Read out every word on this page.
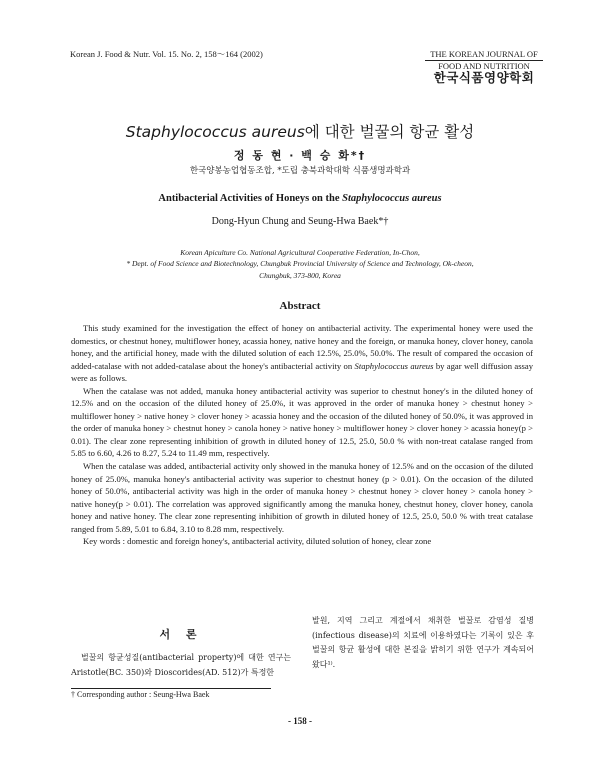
Korean J. Food & Nutr. Vol. 15. No. 2, 158～164 (2002)	THE KOREAN JOURNAL OF
FOOD AND NUTRITION
한국식품영양학회
Staphylococcus aureus에 대한 벌꿀의 항균 활성
정 동 현 · 백 승 화*†
한국양봉농업협동조합, *도립 충북과학대학 식품생명과학과
Antibacterial Activities of Honeys on the Staphylococcus aureus
Dong-Hyun Chung and Seung-Hwa Baek*†

Korean Apiculture Co. National Agricultural Cooperative Federation, In-Chon,

* Dept. of Food Science and Biotechnology, Chungbuk Provincial University of Science and Technology, Ok-cheon,

Chungbuk, 373-800, Korea

Abstract

This study examined for the investigation the effect of honey on antibacterial activity. The experimental honey were used the domestics, or chestnut honey, multiflower honey, acassia honey, native honey and the foreign, or manuka honey, clover honey, canola honey, and the artificial honey, made with the diluted solution of each 12.5%, 25.0%, 50.0%. The result of compared the occasion of added-catalase with not added-catalase about the honey's antibacterial activity on Staphylococcus aureus by agar well diffusion assay were as follows.

When the catalase was not added, manuka honey antibacterial activity was superior to chestnut honey's in the diluted honey of 12.5% and on the occasion of the diluted honey of 25.0%, it was approved in the order of manuka honey > chestnut honey > multiflower honey > native honey > clover honey > acassia honey and the occasion of the diluted honey of 50.0%, it was approved in the order of manuka honey > chestnut honey > canola honey > native honey > multiflower honey > clover honey > acassia honey(p > 0.01). The clear zone representing inhibition of growth in diluted honey of 12.5, 25.0, 50.0 % with non-treat catalase ranged from 5.85 to 6.60, 4.26 to 8.27, 5.24 to 11.49 mm, respectively.

When the catalase was added, antibacterial activity only showed in the manuka honey of 12.5% and on the occasion of the diluted honey of 25.0%, manuka honey's antibacterial activity was superior to chestnut honey (p > 0.01). On the occasion of the diluted honey of 50.0%, antibacterial activity was high in the order of manuka honey > chestnut honey > clover honey > canola honey > native honey(p > 0.01). The correlation was approved significantly among the manuka honey, chestnut honey, clover honey, canola honey and native honey. The clear zone representing inhibition of growth in diluted honey of 12.5, 25.0, 50.0 % with treat catalase ranged from 5.89, 5.01 to 6.84, 3.10 to 8.28 mm, respectively.

Key words : domestic and foreign honey's, antibacterial activity, diluted solution of honey, clear zone

서 론

벌꿀의 항균성질(antibacterial property)에 대한 연구는 Aristotle(BC. 350)와 Dioscorides(AD. 512)가 특정한

발원, 지역 그리고 계절에서 채취한 벌꿀로 감염성 질병(infectious disease)의 치료에 이용하였다는 기록이 있은 후 벌꿀의 항균 활성에 대한 본질을 밝히기 위한 연구가 계속되어 왔다¹⁾.

† Corresponding author : Seung-Hwa Baek
- 158 -
